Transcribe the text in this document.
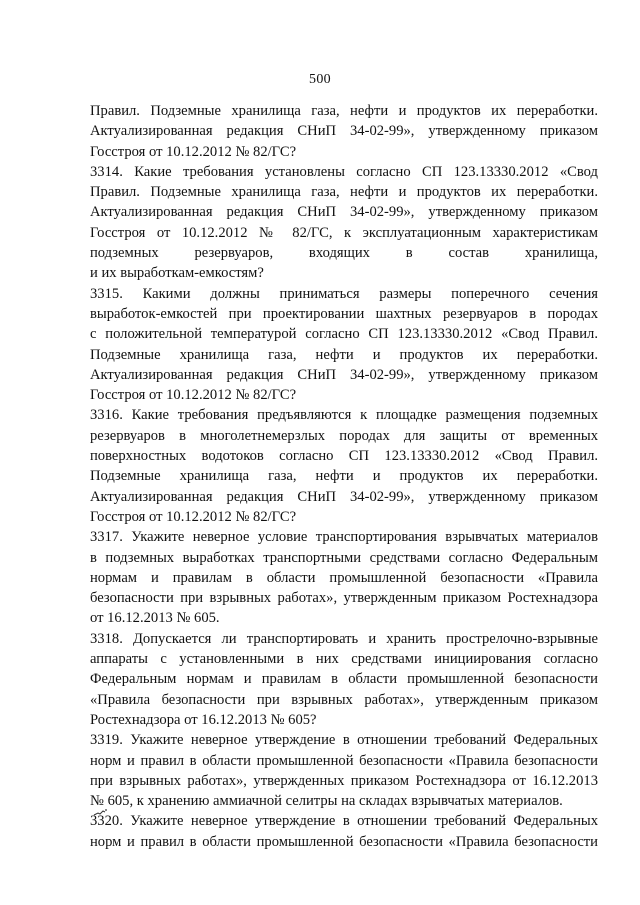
500
Правил. Подземные хранилища газа, нефти и продуктов их переработки.
Актуализированная редакция СНиП 34-02-99», утвержденному приказом
Госстроя от 10.12.2012 № 82/ГС?
3314. Какие требования установлены согласно СП 123.13330.2012 «Свод
Правил. Подземные хранилища газа, нефти и продуктов их переработки.
Актуализированная редакция СНиП 34-02-99», утвержденному приказом
Госстроя от 10.12.2012 № 82/ГС, к эксплуатационным характеристикам
подземных резервуаров, входящих в состав хранилища,
и их выработкам-емкостям?
3315. Какими должны приниматься размеры поперечного сечения
выработок-емкостей при проектировании шахтных резервуаров в породах
с положительной температурой согласно СП 123.13330.2012 «Свод Правил.
Подземные хранилища газа, нефти и продуктов их переработки.
Актуализированная редакция СНиП 34-02-99», утвержденному приказом
Госстроя от 10.12.2012 № 82/ГС?
3316. Какие требования предъявляются к площадке размещения подземных
резервуаров в многолетнемерзлых породах для защиты от временных
поверхностных водотоков согласно СП 123.13330.2012 «Свод Правил.
Подземные хранилища газа, нефти и продуктов их переработки.
Актуализированная редакция СНиП 34-02-99», утвержденному приказом
Госстроя от 10.12.2012 № 82/ГС?
3317. Укажите неверное условие транспортирования взрывчатых материалов
в подземных выработках транспортными средствами согласно Федеральным
нормам и правилам в области промышленной безопасности «Правила
безопасности при взрывных работах», утвержденным приказом Ростехнадзора
от 16.12.2013 № 605.
3318. Допускается ли транспортировать и хранить прострелочно-взрывные
аппараты с установленными в них средствами инициирования согласно
Федеральным нормам и правилам в области промышленной безопасности
«Правила безопасности при взрывных работах», утвержденным приказом
Ростехнадзора от 16.12.2013 № 605?
3319. Укажите неверное утверждение в отношении требований Федеральных
норм и правил в области промышленной безопасности «Правила безопасности
при взрывных работах», утвержденных приказом Ростехнадзора от 16.12.2013
№ 605, к хранению аммиачной селитры на складах взрывчатых материалов.
3320. Укажите неверное утверждение в отношении требований Федеральных
норм и правил в области промышленной безопасности «Правила безопасности
